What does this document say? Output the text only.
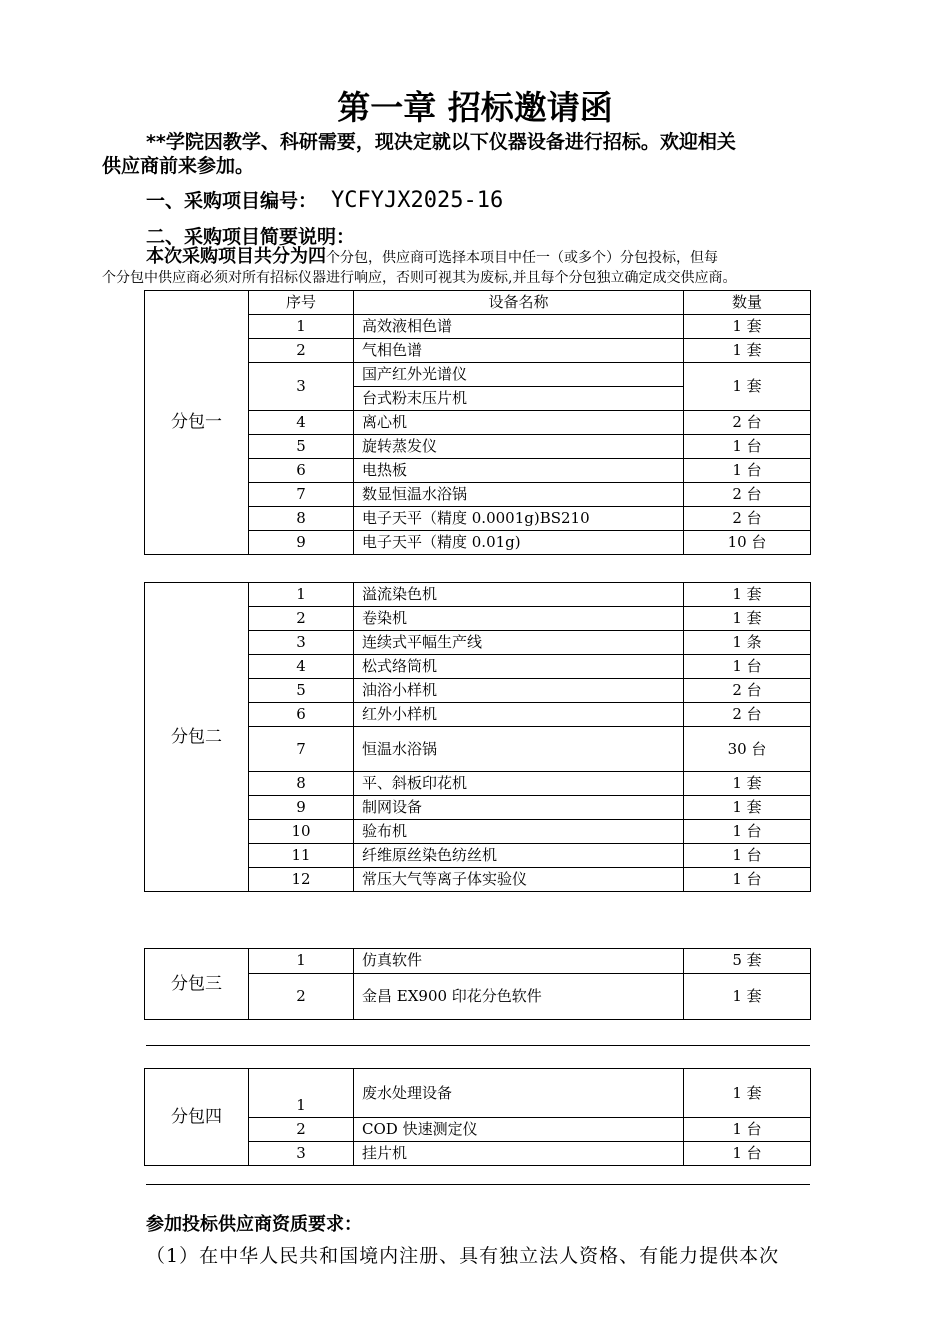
第一章 招标邀请函
**学院因教学、科研需要，现决定就以下仪器设备进行招标。欢迎相关
供应商前来参加。
一、采购项目编号： YCFYJX2025-16
二、采购项目简要说明：
本次采购项目共分为四个分包，供应商可选择本项目中任一（或多个）分包投标，但每
个分包中供应商必须对所有招标仪器进行响应，否则可视其为废标,并且每个分包独立确定成交供应商。
分包一	序号	设备名称	数量
	1	高效液相色谱	1 套
	2	气相色谱	1 套
	3	国产红外光谱仪	1 套
		台式粉末压片机	
	4	离心机	2 台
	5	旋转蒸发仪	1 台
	6	电热板	1 台
	7	数显恒温水浴锅	2 台
	8	电子天平（精度 0.0001g)BS210	2 台
	9	电子天平（精度 0.01g)	10 台
分包二	1	溢流染色机	1 套
	2	卷染机	1 套
	3	连续式平幅生产线	1 条
	4	松式络筒机	1 台
	5	油浴小样机	2 台
	6	红外小样机	2 台
	7	恒温水浴锅	30 台
	8	平、斜板印花机	1 套
	9	制网设备	1 套
	10	验布机	1 台
	11	纤维原丝染色纺丝机	1 台
	12	常压大气等离子体实验仪	1 台
分包三	1	仿真软件	5 套
	2	金昌 EX900 印花分色软件	1 套
分包四	1	废水处理设备	1 套
	2	COD 快速测定仪	1 台
	3	挂片机	1 台
参加投标供应商资质要求：
（1）在中华人民共和国境内注册、具有独立法人资格、有能力提供本次
